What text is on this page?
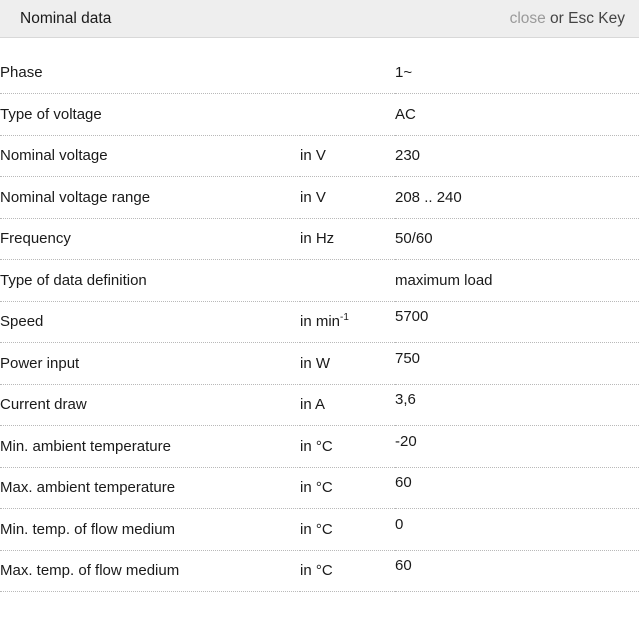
Nominal data	close or Esc Key
Phase		1~
Type of voltage		AC
Nominal voltage	in V	230
Nominal voltage range	in V	208 .. 240
Frequency	in Hz	50/60
Type of data definition		maximum load
Speed	in $\min^{-1}$	5700
Power input	in W	750
Current draw	in A	3,6
Min. ambient temperature	in °C	-20
Max. ambient temperature	in °C	60
Min. temp. of flow medium	in °C	0
Max. temp. of flow medium	in °C	60
